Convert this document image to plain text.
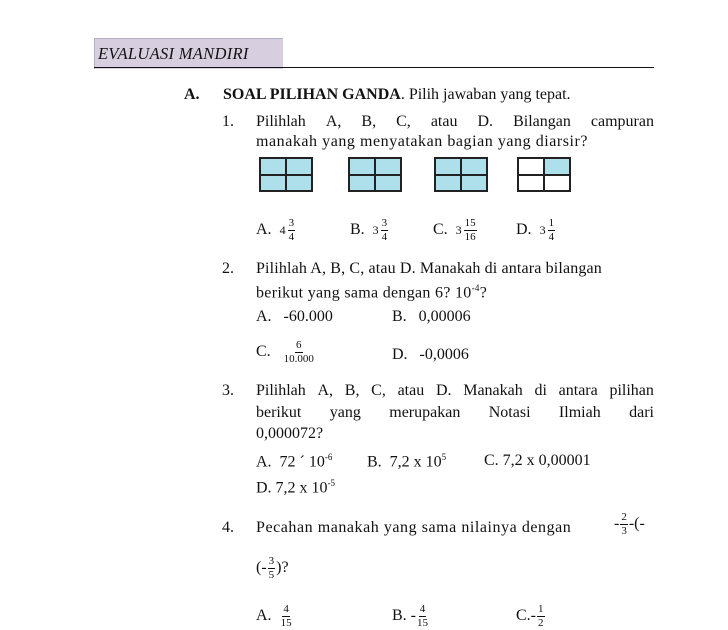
EVALUASI MANDIRI
A. SOAL PILIHAN GANDA. Pilih jawaban yang tepat.
1. Pilihlah A, B, C, atau D. Bilangan campuran
manakah yang menyatakan bagian yang diarsir?
A. $4 \frac{3}{4}$	B. $3 \frac{3}{4}$	C. $3 \frac{15}{16} D$. $3 \frac{1}{4}$
2. Pilihlah A, B, C, atau D. Manakah di antara bilangan
berikut yang sama dengan 6? $10^{-4}$?
A.   -60.000	B.   0,00006
C. $\frac{6}{10.000}$	D.   -0,0006
3. Pilihlah A, B, C, atau D. Manakah di antara pilihan
berikut yang merupakan Notasi Ilmiah dari
0,000072?
A.  72 ´ $10^{-6}$ B.  7,2 x $10^5$ C. 7,2 x 0,00001
D. 7,2 x $10^{-5}$
4. Pecahan manakah yang sama nilainya dengan	- $\frac{2}{3}$ -(-
(- $\frac{3}{5}$ )?
A. $\frac{4}{15}$	B. - $\frac{4}{15}$	$C.- \frac{1}{2}$
